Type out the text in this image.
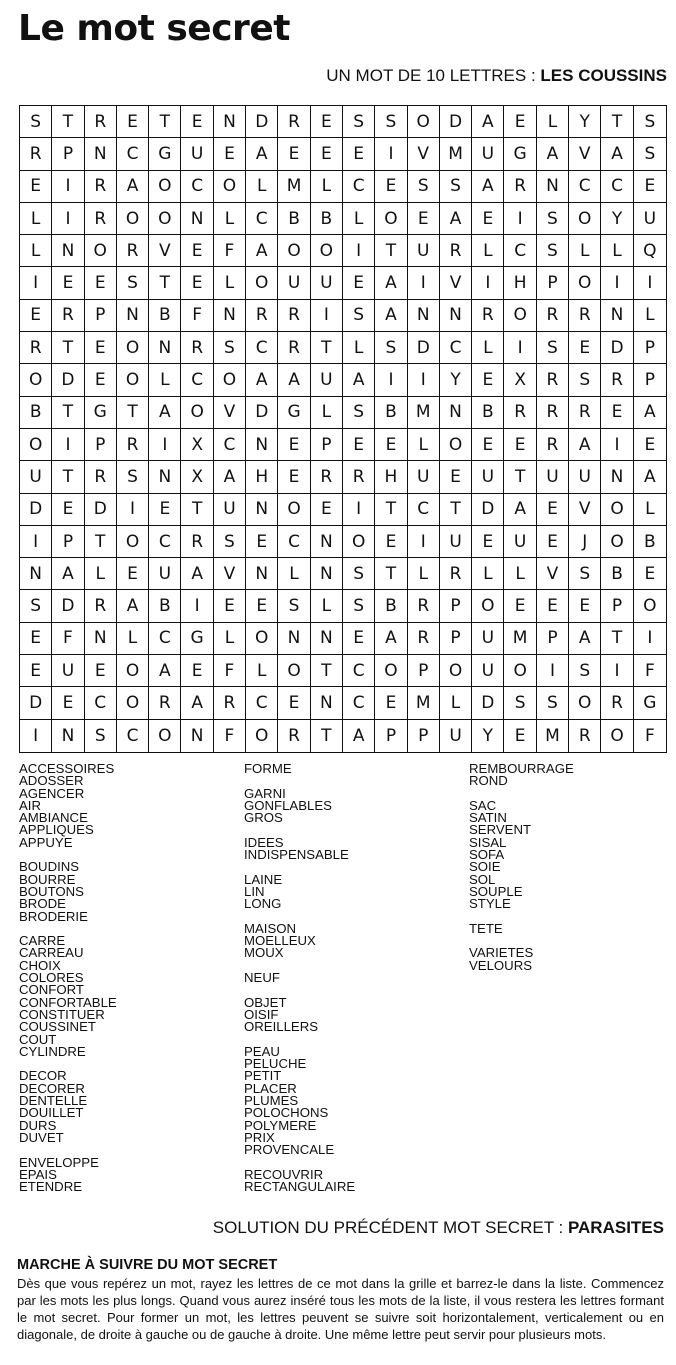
Le mot secret
UN MOT DE 10 LETTRES : LES COUSSINS
S	T	R	E	T	E	N	D	R	E	S	S	O	D	A	E	L	Y	T	S
R	P	N	C	G	U	E	A	E	E	E	I	V	M	U	G	A	V	A	S
E	I	R	A	O	C	O	L	M	L	C	E	S	S	A	R	N	C	C	E
L	I	R	O	O	N	L	C	B	B	L	O	E	A	E	I	S	O	Y	U
L	N	O	R	V	E	F	A	O	O	I	T	U	R	L	C	S	L	L	Q
I	E	E	S	T	E	L	O	U	U	E	A	I	V	I	H	P	O	I	I
E	R	P	N	B	F	N	R	R	I	S	A	N	N	R	O	R	R	N	L
R	T	E	O	N	R	S	C	R	T	L	S	D	C	L	I	S	E	D	P
O	D	E	O	L	C	O	A	A	U	A	I	I	Y	E	X	R	S	R	P
B	T	G	T	A	O	V	D	G	L	S	B	M	N	B	R	R	R	E	A
O	I	P	R	I	X	C	N	E	P	E	E	L	O	E	E	R	A	I	E
U	T	R	S	N	X	A	H	E	R	R	H	U	E	U	T	U	U	N	A
D	E	D	I	E	T	U	N	O	E	I	T	C	T	D	A	E	V	O	L
I	P	T	O	C	R	S	E	C	N	O	E	I	U	E	U	E	J	O	B
N	A	L	E	U	A	V	N	L	N	S	T	L	R	L	L	V	S	B	E
S	D	R	A	B	I	E	E	S	L	S	B	R	P	O	E	E	E	P	O
E	F	N	L	C	G	L	O	N	N	E	A	R	P	U	M	P	A	T	I
E	U	E	O	A	E	F	L	O	T	C	O	P	O	U	O	I	S	I	F
D	E	C	O	R	A	R	C	E	N	C	E	M	L	D	S	S	O	R	G
I	N	S	C	O	N	F	O	R	T	A	P	P	U	Y	E	M	R	O	F
ACCESSOIRES
ADOSSER
AGENCER
AIR
AMBIANCE
APPLIQUES
APPUYE
BOUDINS
BOURRE
BOUTONS
BRODE
BRODERIE
CARRE
CARREAU
CHOIX
COLORES
CONFORT
CONFORTABLE
CONSTITUER
COUSSINET
COUT
CYLINDRE
DECOR
DECORER
DENTELLE
DOUILLET
DURS
DUVET
ENVELOPPE
EPAIS
ETENDRE
FORME
GARNI
GONFLABLES
GROS
IDEES
INDISPENSABLE
LAINE
LIN
LONG
MAISON
MOELLEUX
MOUX
NEUF
OBJET
OISIF
OREILLERS
PEAU
PELUCHE
PETIT
PLACER
PLUMES
POLOCHONS
POLYMERE
PRIX
PROVENCALE
RECOUVRIR
RECTANGULAIRE
REMBOURRAGE
ROND
SAC
SATIN
SERVENT
SISAL
SOFA
SOIE
SOL
SOUPLE
STYLE
TETE
VARIETES
VELOURS
SOLUTION DU PRÉCÉDENT MOT SECRET : PARASITES
MARCHE À SUIVRE DU MOT SECRET
Dès que vous repérez un mot, rayez les lettres de ce mot dans la grille et barrez-le dans la liste. Commencez par les mots les plus longs. Quand vous aurez inséré tous les mots de la liste, il vous restera les lettres formant le mot secret. Pour former un mot, les lettres peuvent se suivre soit horizontalement, verticalement ou en diagonale, de droite à gauche ou de gauche à droite. Une même lettre peut servir pour plusieurs mots.
